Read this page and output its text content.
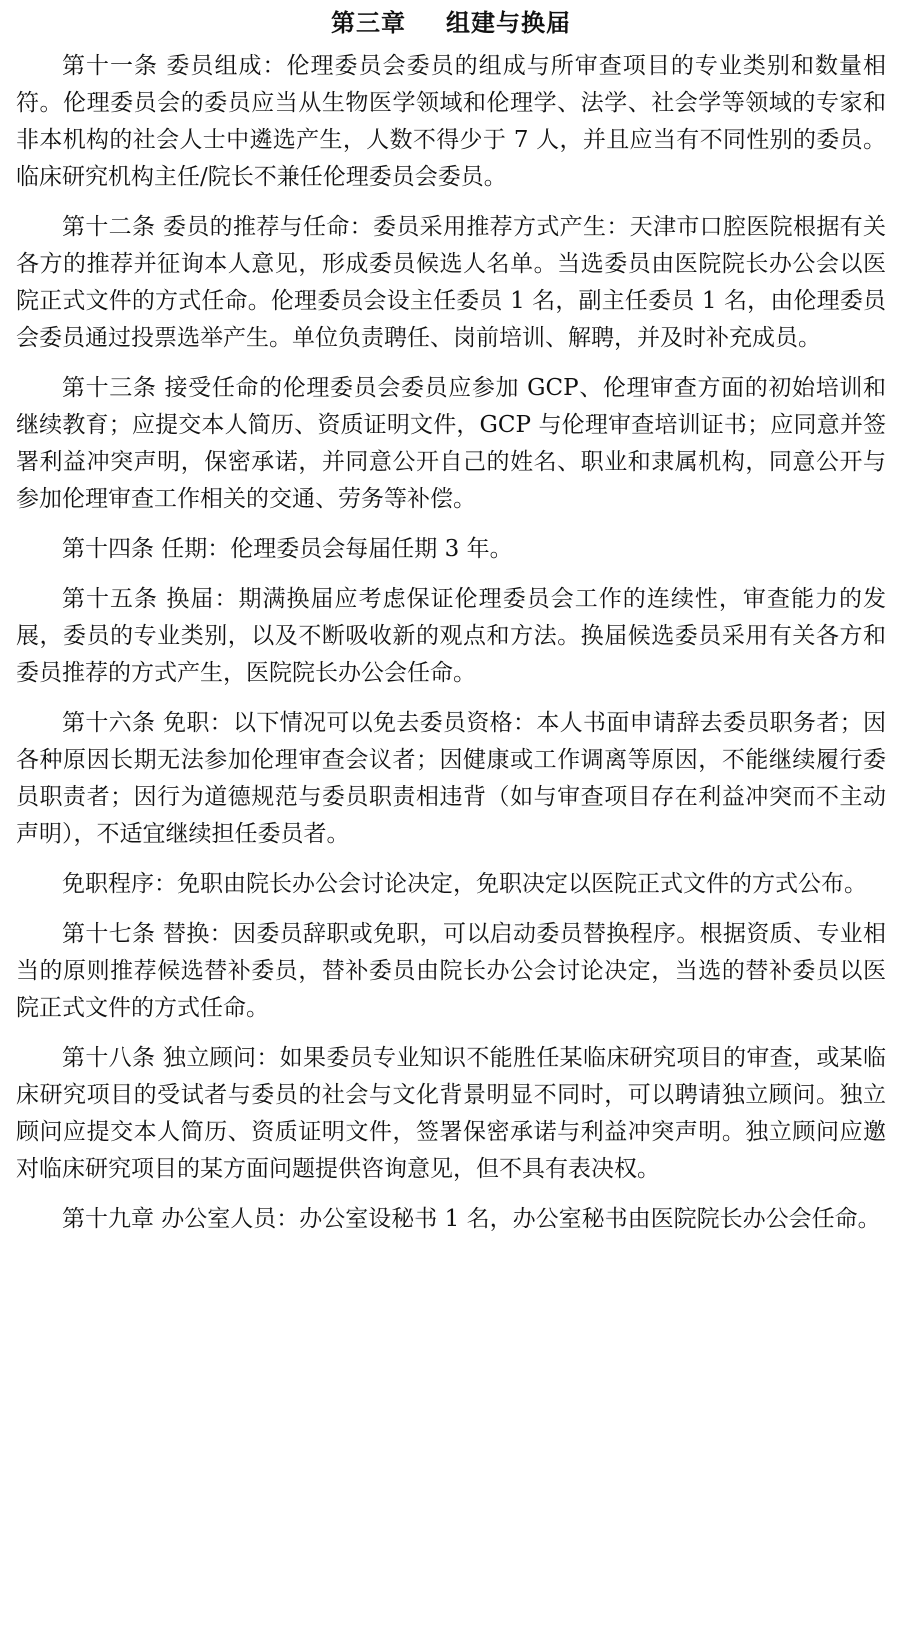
第三章 组建与换届

第十一条 委员组成：伦理委员会委员的组成与所审查项目的专业类别和数量相符。伦理委员会的委员应当从生物医学领域和伦理学、法学、社会学等领域的专家和非本机构的社会人士中遴选产生，人数不得少于 7 人，并且应当有不同性别的委员。临床研究机构主任/院长不兼任伦理委员会委员。

第十二条 委员的推荐与任命：委员采用推荐方式产生：天津市口腔医院根据有关各方的推荐并征询本人意见，形成委员候选人名单。当选委员由医院院长办公会以医院正式文件的方式任命。伦理委员会设主任委员 1 名，副主任委员 1 名，由伦理委员会委员通过投票选举产生。单位负责聘任、岗前培训、解聘，并及时补充成员。

第十三条 接受任命的伦理委员会委员应参加 GCP、伦理审查方面的初始培训和继续教育；应提交本人简历、资质证明文件，GCP 与伦理审查培训证书；应同意并签署利益冲突声明，保密承诺，并同意公开自己的姓名、职业和隶属机构，同意公开与参加伦理审查工作相关的交通、劳务等补偿。

第十四条 任期：伦理委员会每届任期 3 年。

第十五条 换届：期满换届应考虑保证伦理委员会工作的连续性，审查能力的发展，委员的专业类别，以及不断吸收新的观点和方法。换届候选委员采用有关各方和委员推荐的方式产生，医院院长办公会任命。

第十六条 免职：以下情况可以免去委员资格：本人书面申请辞去委员职务者；因各种原因长期无法参加伦理审查会议者；因健康或工作调离等原因，不能继续履行委员职责者；因行为道德规范与委员职责相违背（如与审查项目存在利益冲突而不主动声明），不适宜继续担任委员者。

免职程序：免职由院长办公会讨论决定，免职决定以医院正式文件的方式公布。

第十七条 替换：因委员辞职或免职，可以启动委员替换程序。根据资质、专业相当的原则推荐候选替补委员，替补委员由院长办公会讨论决定，当选的替补委员以医院正式文件的方式任命。

第十八条 独立顾问：如果委员专业知识不能胜任某临床研究项目的审查，或某临床研究项目的受试者与委员的社会与文化背景明显不同时，可以聘请独立顾问。独立顾问应提交本人简历、资质证明文件，签署保密承诺与利益冲突声明。独立顾问应邀对临床研究项目的某方面问题提供咨询意见，但不具有表决权。

第十九章 办公室人员：办公室设秘书 1 名，办公室秘书由医院院长办公会任命。
